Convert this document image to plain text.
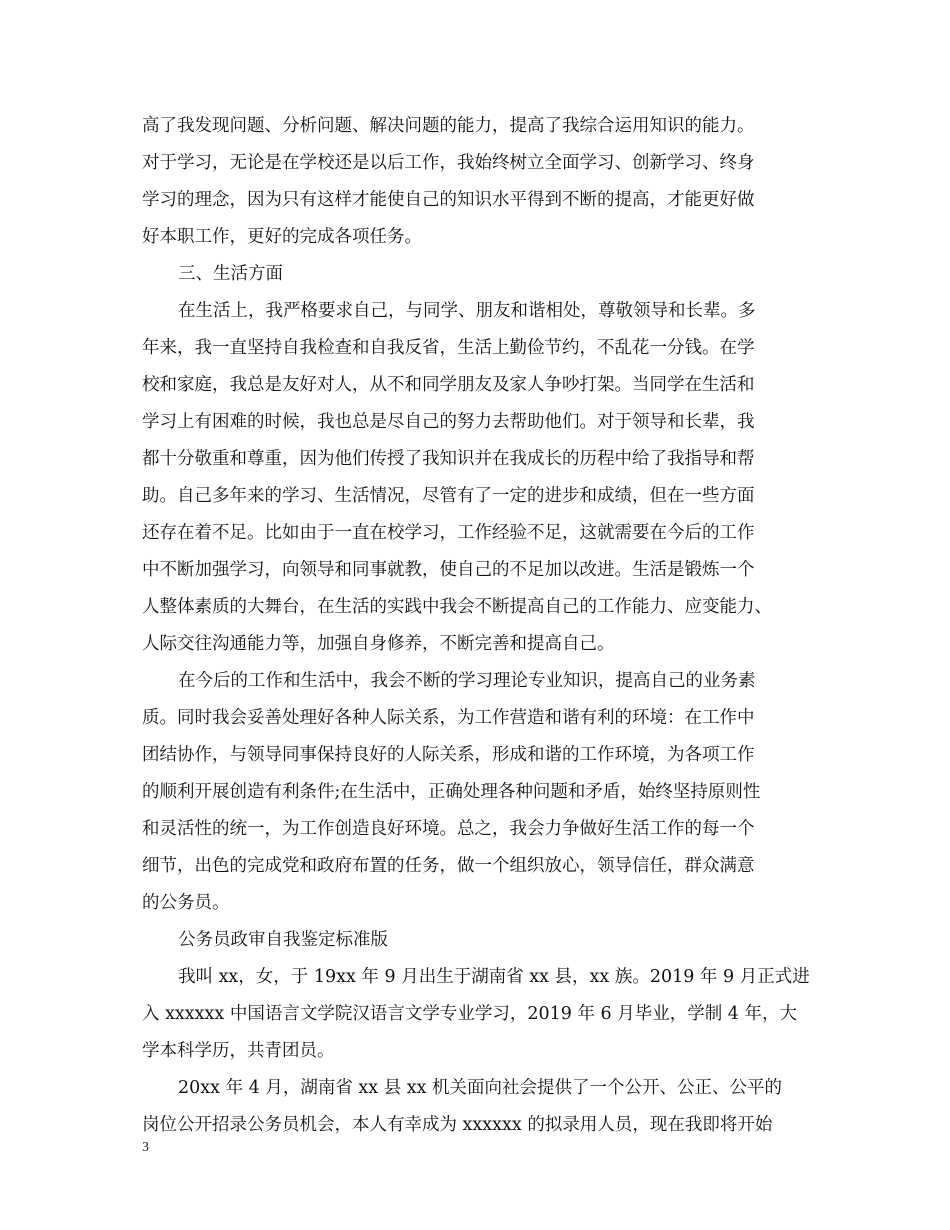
高了我发现问题、分析问题、解决问题的能力，提高了我综合运用知识的能力。
对于学习，无论是在学校还是以后工作，我始终树立全面学习、创新学习、终身
学习的理念，因为只有这样才能使自己的知识水平得到不断的提高，才能更好做
好本职工作，更好的完成各项任务。
三、生活方面
在生活上，我严格要求自己，与同学、朋友和谐相处，尊敬领导和长辈。多
年来，我一直坚持自我检查和自我反省，生活上勤俭节约，不乱花一分钱。在学
校和家庭，我总是友好对人，从不和同学朋友及家人争吵打架。当同学在生活和
学习上有困难的时候，我也总是尽自己的努力去帮助他们。对于领导和长辈，我
都十分敬重和尊重，因为他们传授了我知识并在我成长的历程中给了我指导和帮
助。自己多年来的学习、生活情况，尽管有了一定的进步和成绩，但在一些方面
还存在着不足。比如由于一直在校学习，工作经验不足，这就需要在今后的工作
中不断加强学习，向领导和同事就教，使自己的不足加以改进。生活是锻炼一个
人整体素质的大舞台，在生活的实践中我会不断提高自己的工作能力、应变能力、
人际交往沟通能力等，加强自身修养，不断完善和提高自己。
在今后的工作和生活中，我会不断的学习理论专业知识，提高自己的业务素
质。同时我会妥善处理好各种人际关系，为工作营造和谐有利的环境：在工作中
团结协作，与领导同事保持良好的人际关系，形成和谐的工作环境，为各项工作
的顺利开展创造有利条件;在生活中，正确处理各种问题和矛盾，始终坚持原则性
和灵活性的统一，为工作创造良好环境。总之，我会力争做好生活工作的每一个
细节，出色的完成党和政府布置的任务，做一个组织放心，领导信任，群众满意
的公务员。
公务员政审自我鉴定标准版
我叫 xx，女，于 19xx 年 9 月出生于湖南省 xx 县，xx 族。2019 年 9 月正式进
入 xxxxxx 中国语言文学院汉语言文学专业学习，2019 年 6 月毕业，学制 4 年，大
学本科学历，共青团员。
20xx 年 4 月，湖南省 xx 县 xx 机关面向社会提供了一个公开、公正、公平的
岗位公开招录公务员机会，本人有幸成为 xxxxxx 的拟录用人员，现在我即将开始
3
